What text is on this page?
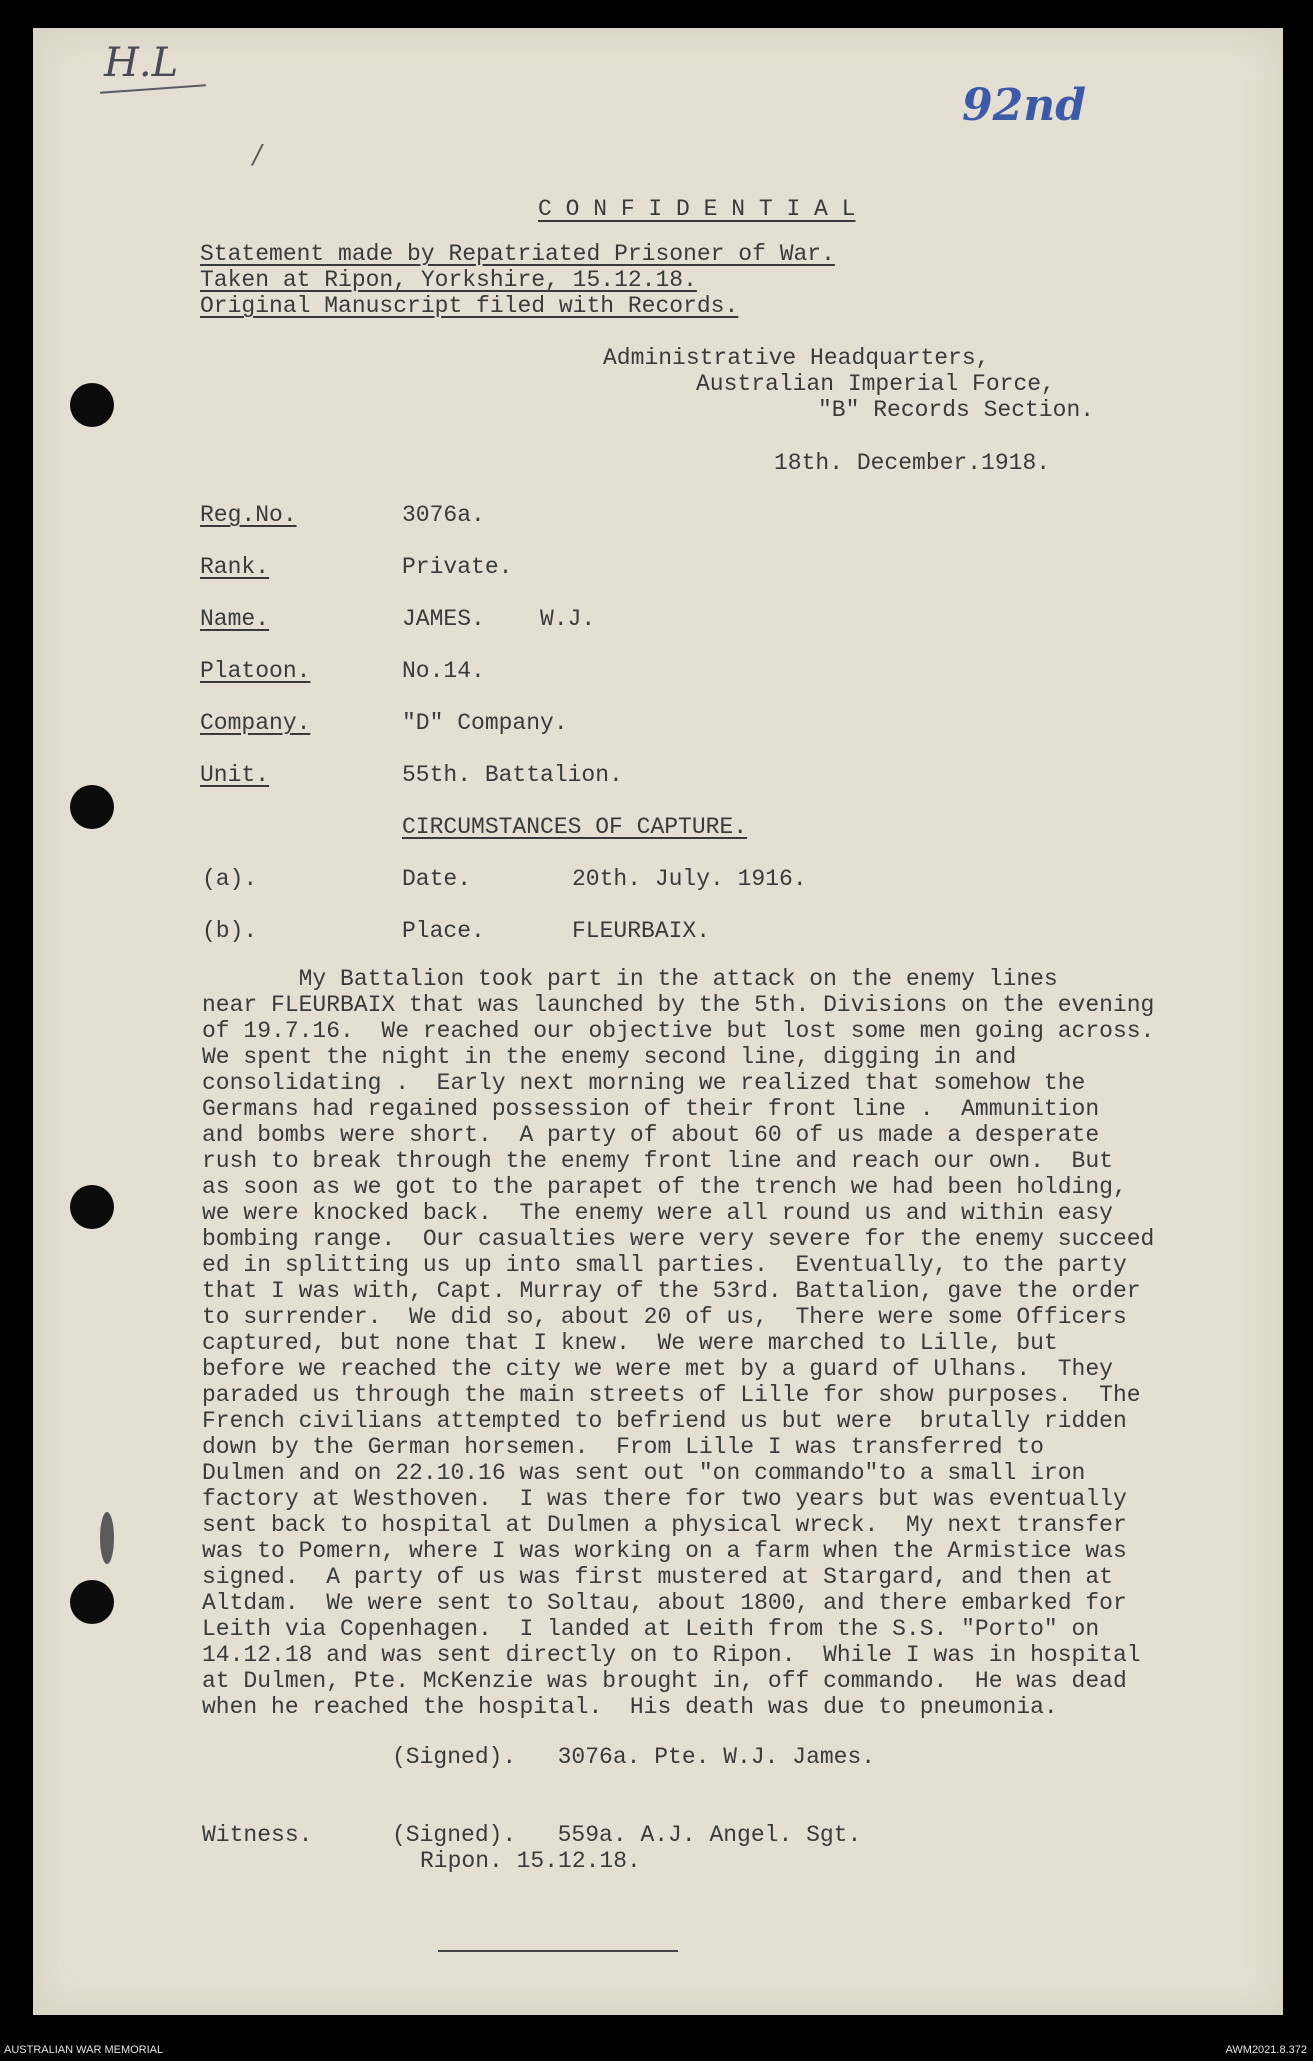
H.L
92nd
/
C O N F I D E N T I A L
Statement made by Repatriated Prisoner of War.
Taken at Ripon, Yorkshire, 15.12.18.
Original Manuscript filed with Records.
Administrative Headquarters,
Australian Imperial Force,
"B" Records Section.
18th. December.1918.
Reg.No.	3076a.
Rank.	Private.
Name.	JAMES.    W.J.
Platoon.	No.14.
Company.	"D" Company.
Unit.	55th. Battalion.
CIRCUMSTANCES OF CAPTURE.
(a).	Date.	20th. July. 1916.
(b).	Place.	FLEURBAIX.
My Battalion took part in the attack on the enemy lines
near FLEURBAIX that was launched by the 5th. Divisions on the evening
of 19.7.16.  We reached our objective but lost some men going across.
We spent the night in the enemy second line, digging in and
consolidating .  Early next morning we realized that somehow the
Germans had regained possession of their front line .  Ammunition
and bombs were short.  A party of about 60 of us made a desperate
rush to break through the enemy front line and reach our own.  But
as soon as we got to the parapet of the trench we had been holding,
we were knocked back.  The enemy were all round us and within easy
bombing range.  Our casualties were very severe for the enemy succeed
ed in splitting us up into small parties.  Eventually, to the party
that I was with, Capt. Murray of the 53rd. Battalion, gave the order
to surrender.  We did so, about 20 of us,  There were some Officers
captured, but none that I knew.  We were marched to Lille, but
before we reached the city we were met by a guard of Ulhans.  They
paraded us through the main streets of Lille for show purposes.  The
French civilians attempted to befriend us but were  brutally ridden
down by the German horsemen.  From Lille I was transferred to
Dulmen and on 22.10.16 was sent out "on commando"to a small iron
factory at Westhoven.  I was there for two years but was eventually
sent back to hospital at Dulmen a physical wreck.  My next transfer
was to Pomern, where I was working on a farm when the Armistice was
signed.  A party of us was first mustered at Stargard, and then at
Altdam.  We were sent to Soltau, about 1800, and there embarked for
Leith via Copenhagen.  I landed at Leith from the S.S. "Porto" on
14.12.18 and was sent directly on to Ripon.  While I was in hospital
at Dulmen, Pte. McKenzie was brought in, off commando.  He was dead
when he reached the hospital.  His death was due to pneumonia.
(Signed).   3076a. Pte. W.J. James.
Witness.	(Signed).   559a. A.J. Angel. Sgt.
Ripon. 15.12.18.
AUSTRALIAN WAR MEMORIAL	AWM2021.8.372
